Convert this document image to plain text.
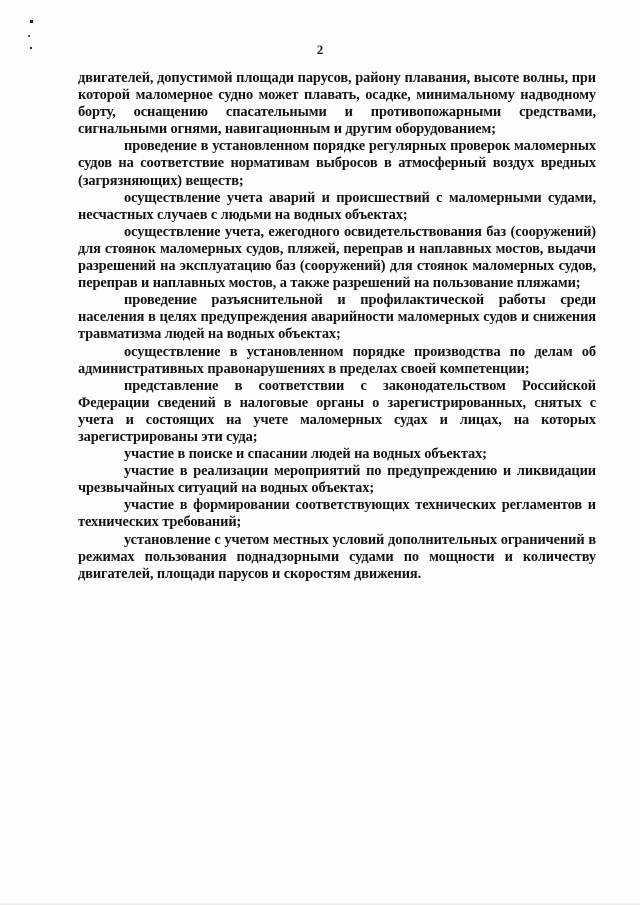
2

двигателей, допустимой площади парусов, району плавания, высоте волны, при которой маломерное судно может плавать, осадке, минимальному надводному борту, оснащению спасательными и противопожарными средствами, сигнальными огнями, навигационным и другим оборудованием;

проведение в установленном порядке регулярных проверок маломерных судов на соответствие нормативам выбросов в атмосферный воздух вредных (загрязняющих) веществ;

осуществление учета аварий и происшествий с маломерными судами, несчастных случаев с людьми на водных объектах;

осуществление учета, ежегодного освидетельствования баз (сооружений) для стоянок маломерных судов, пляжей, переправ и наплавных мостов, выдачи разрешений на эксплуатацию баз (сооружений) для стоянок маломерных судов, переправ и наплавных мостов, а также разрешений на пользование пляжами;

проведение разъяснительной и профилактической работы среди населения в целях предупреждения аварийности маломерных судов и снижения травматизма людей на водных объектах;

осуществление в установленном порядке производства по делам об административных правонарушениях в пределах своей компетенции;

представление в соответствии с законодательством Российской Федерации сведений в налоговые органы о зарегистрированных, снятых с учета и состоящих на учете маломерных судах и лицах, на которых зарегистрированы эти суда;

участие в поиске и спасании людей на водных объектах;

участие в реализации мероприятий по предупреждению и ликвидации чрезвычайных ситуаций на водных объектах;

участие в формировании соответствующих технических регламентов и технических требований;

установление с учетом местных условий дополнительных ограничений в режимах пользования поднадзорными судами по мощности и количеству двигателей, площади парусов и скоростям движения.
